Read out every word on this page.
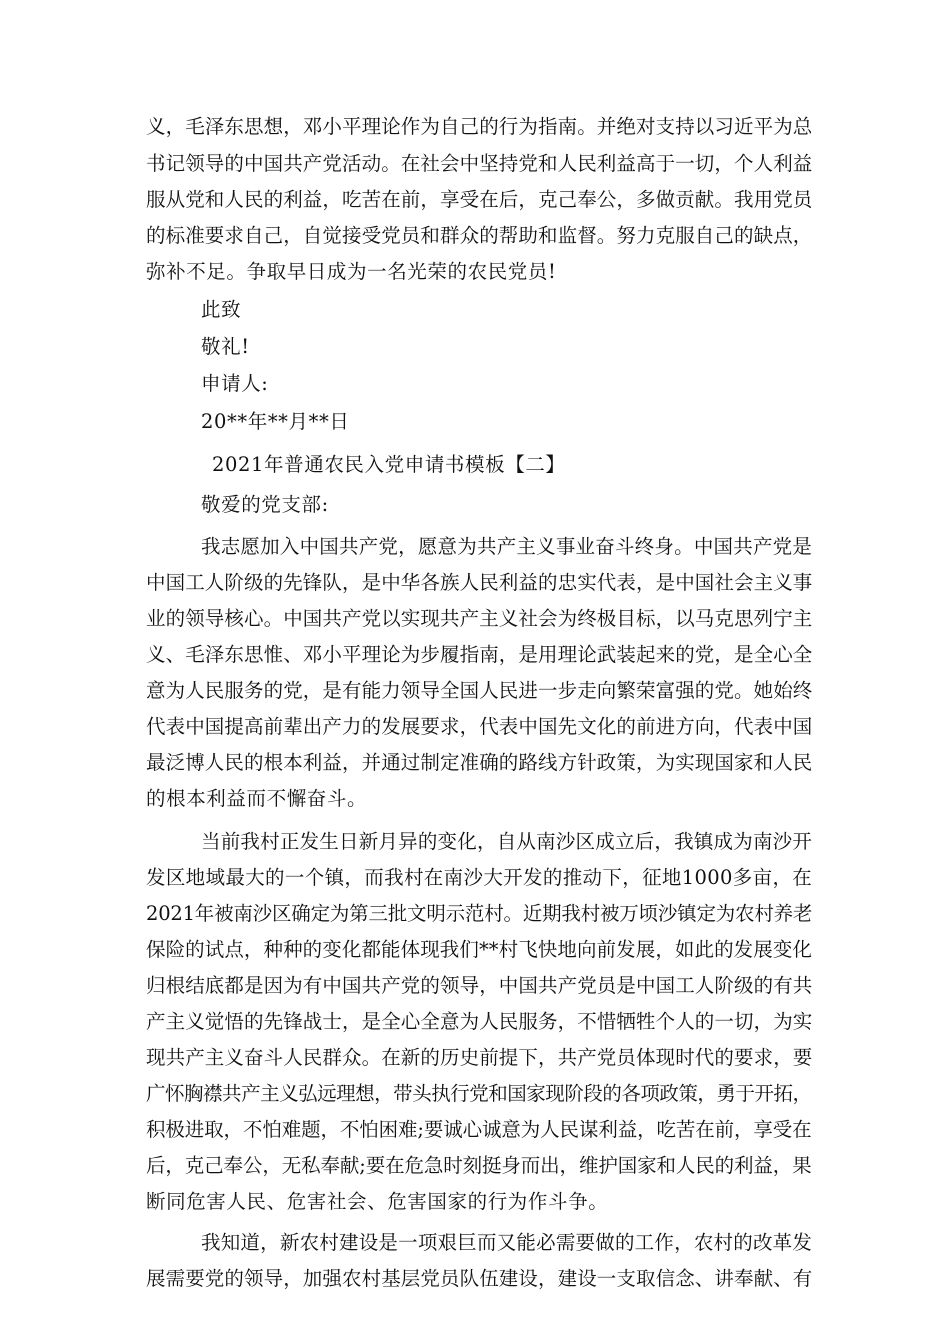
义，毛泽东思想，邓小平理论作为自己的行为指南。并绝对支持以习近平为总
书记领导的中国共产党活动。在社会中坚持党和人民利益高于一切，个人利益
服从党和人民的利益，吃苦在前，享受在后，克己奉公，多做贡献。我用党员
的标准要求自己，自觉接受党员和群众的帮助和监督。努力克服自己的缺点，
弥补不足。争取早日成为一名光荣的农民党员!
此致
敬礼!
申请人:
20**年**月**日
2021年普通农民入党申请书模板【二】
敬爱的党支部:
我志愿加入中国共产党，愿意为共产主义事业奋斗终身。中国共产党是
中国工人阶级的先锋队，是中华各族人民利益的忠实代表，是中国社会主义事
业的领导核心。中国共产党以实现共产主义社会为终极目标，以马克思列宁主
义、毛泽东思惟、邓小平理论为步履指南，是用理论武装起来的党，是全心全
意为人民服务的党，是有能力领导全国人民进一步走向繁荣富强的党。她始终
代表中国提高前辈出产力的发展要求，代表中国先文化的前进方向，代表中国
最泛博人民的根本利益，并通过制定准确的路线方针政策，为实现国家和人民
的根本利益而不懈奋斗。
当前我村正发生日新月异的变化，自从南沙区成立后，我镇成为南沙开
发区地域最大的一个镇，而我村在南沙大开发的推动下，征地1000多亩，在
2021年被南沙区确定为第三批文明示范村。近期我村被万顷沙镇定为农村养老
保险的试点，种种的变化都能体现我们**村飞快地向前发展，如此的发展变化
归根结底都是因为有中国共产党的领导，中国共产党员是中国工人阶级的有共
产主义觉悟的先锋战士，是全心全意为人民服务，不惜牺牲个人的一切，为实
现共产主义奋斗人民群众。在新的历史前提下，共产党员体现时代的要求，要
广怀胸襟共产主义弘远理想，带头执行党和国家现阶段的各项政策，勇于开拓，
积极进取，不怕难题，不怕困难;要诚心诚意为人民谋利益，吃苦在前，享受在
后，克己奉公，无私奉献;要在危急时刻挺身而出，维护国家和人民的利益，果
断同危害人民、危害社会、危害国家的行为作斗争。
我知道，新农村建设是一项艰巨而又能必需要做的工作，农村的改革发
展需要党的领导，加强农村基层党员队伍建设，建设一支取信念、讲奉献、有
